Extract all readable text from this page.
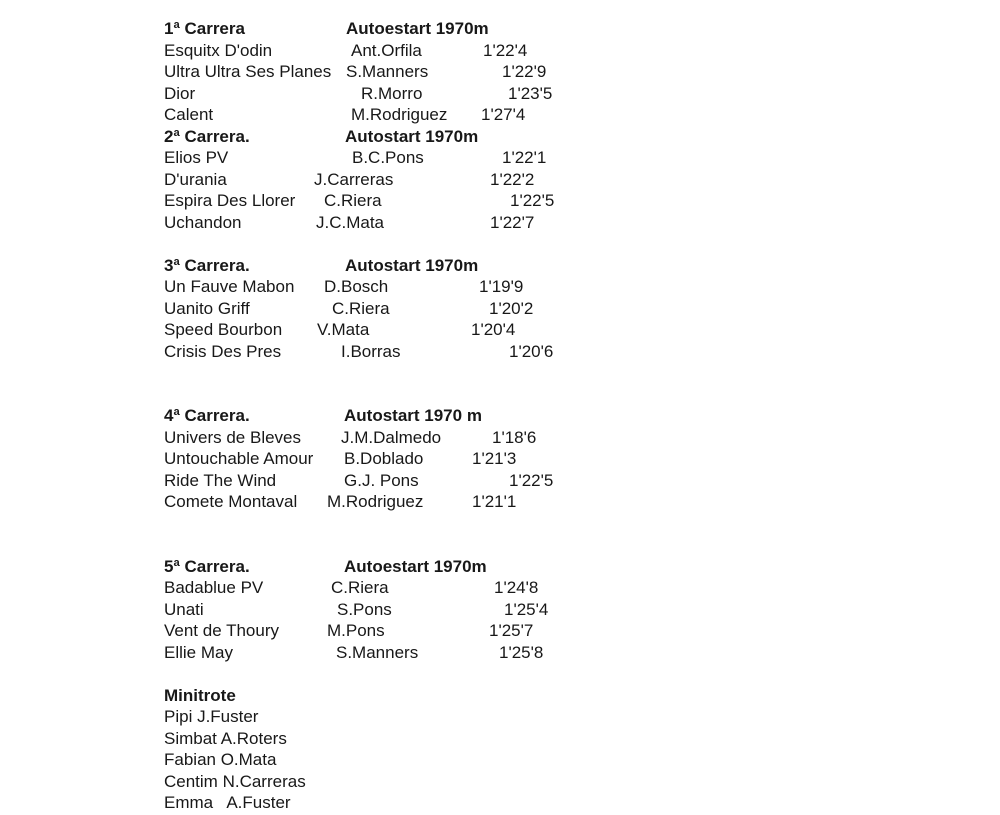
1ª Carrera	Autoestart 1970m
Esquitx D'odin	Ant.Orfila	1'22'4
Ultra Ultra Ses Planes S.Manners	1'22'9
Dior	R.Morro	1'23'5
Calent	M.Rodriguez 1'27'4
2ª Carrera.	Autostart 1970m
Elios PV	B.C.Pons	1'22'1
D'urania	J.Carreras	1'22'2
Espira Des Llorer C.Riera	1'22'5
Uchandon	J.C.Mata	1'22'7
3ª Carrera.	Autostart 1970m
Un Fauve Mabon D.Bosch	1'19'9
Uanito Griff	C.Riera	1'20'2
Speed Bourbon V.Mata	1'20'4
Crisis Des Pres	I.Borras	1'20'6
4ª Carrera.	Autostart 1970 m
Univers de Bleves J.M.Dalmedo	1'18'6
Untouchable Amour B.Doblado	1'21'3
Ride The Wind	G.J. Pons	1'22'5
Comete Montaval M.Rodriguez	1'21'1
5ª Carrera.	Autoestart 1970m
Badablue PV	C.Riera	1'24'8
Unati	S.Pons	1'25'4
Vent de Thoury	M.Pons	1'25'7
Ellie May	S.Manners	1'25'8
Minitrote
Pipi J.Fuster
Simbat A.Roters
Fabian O.Mata
Centim N.Carreras
Emma   A.Fuster
